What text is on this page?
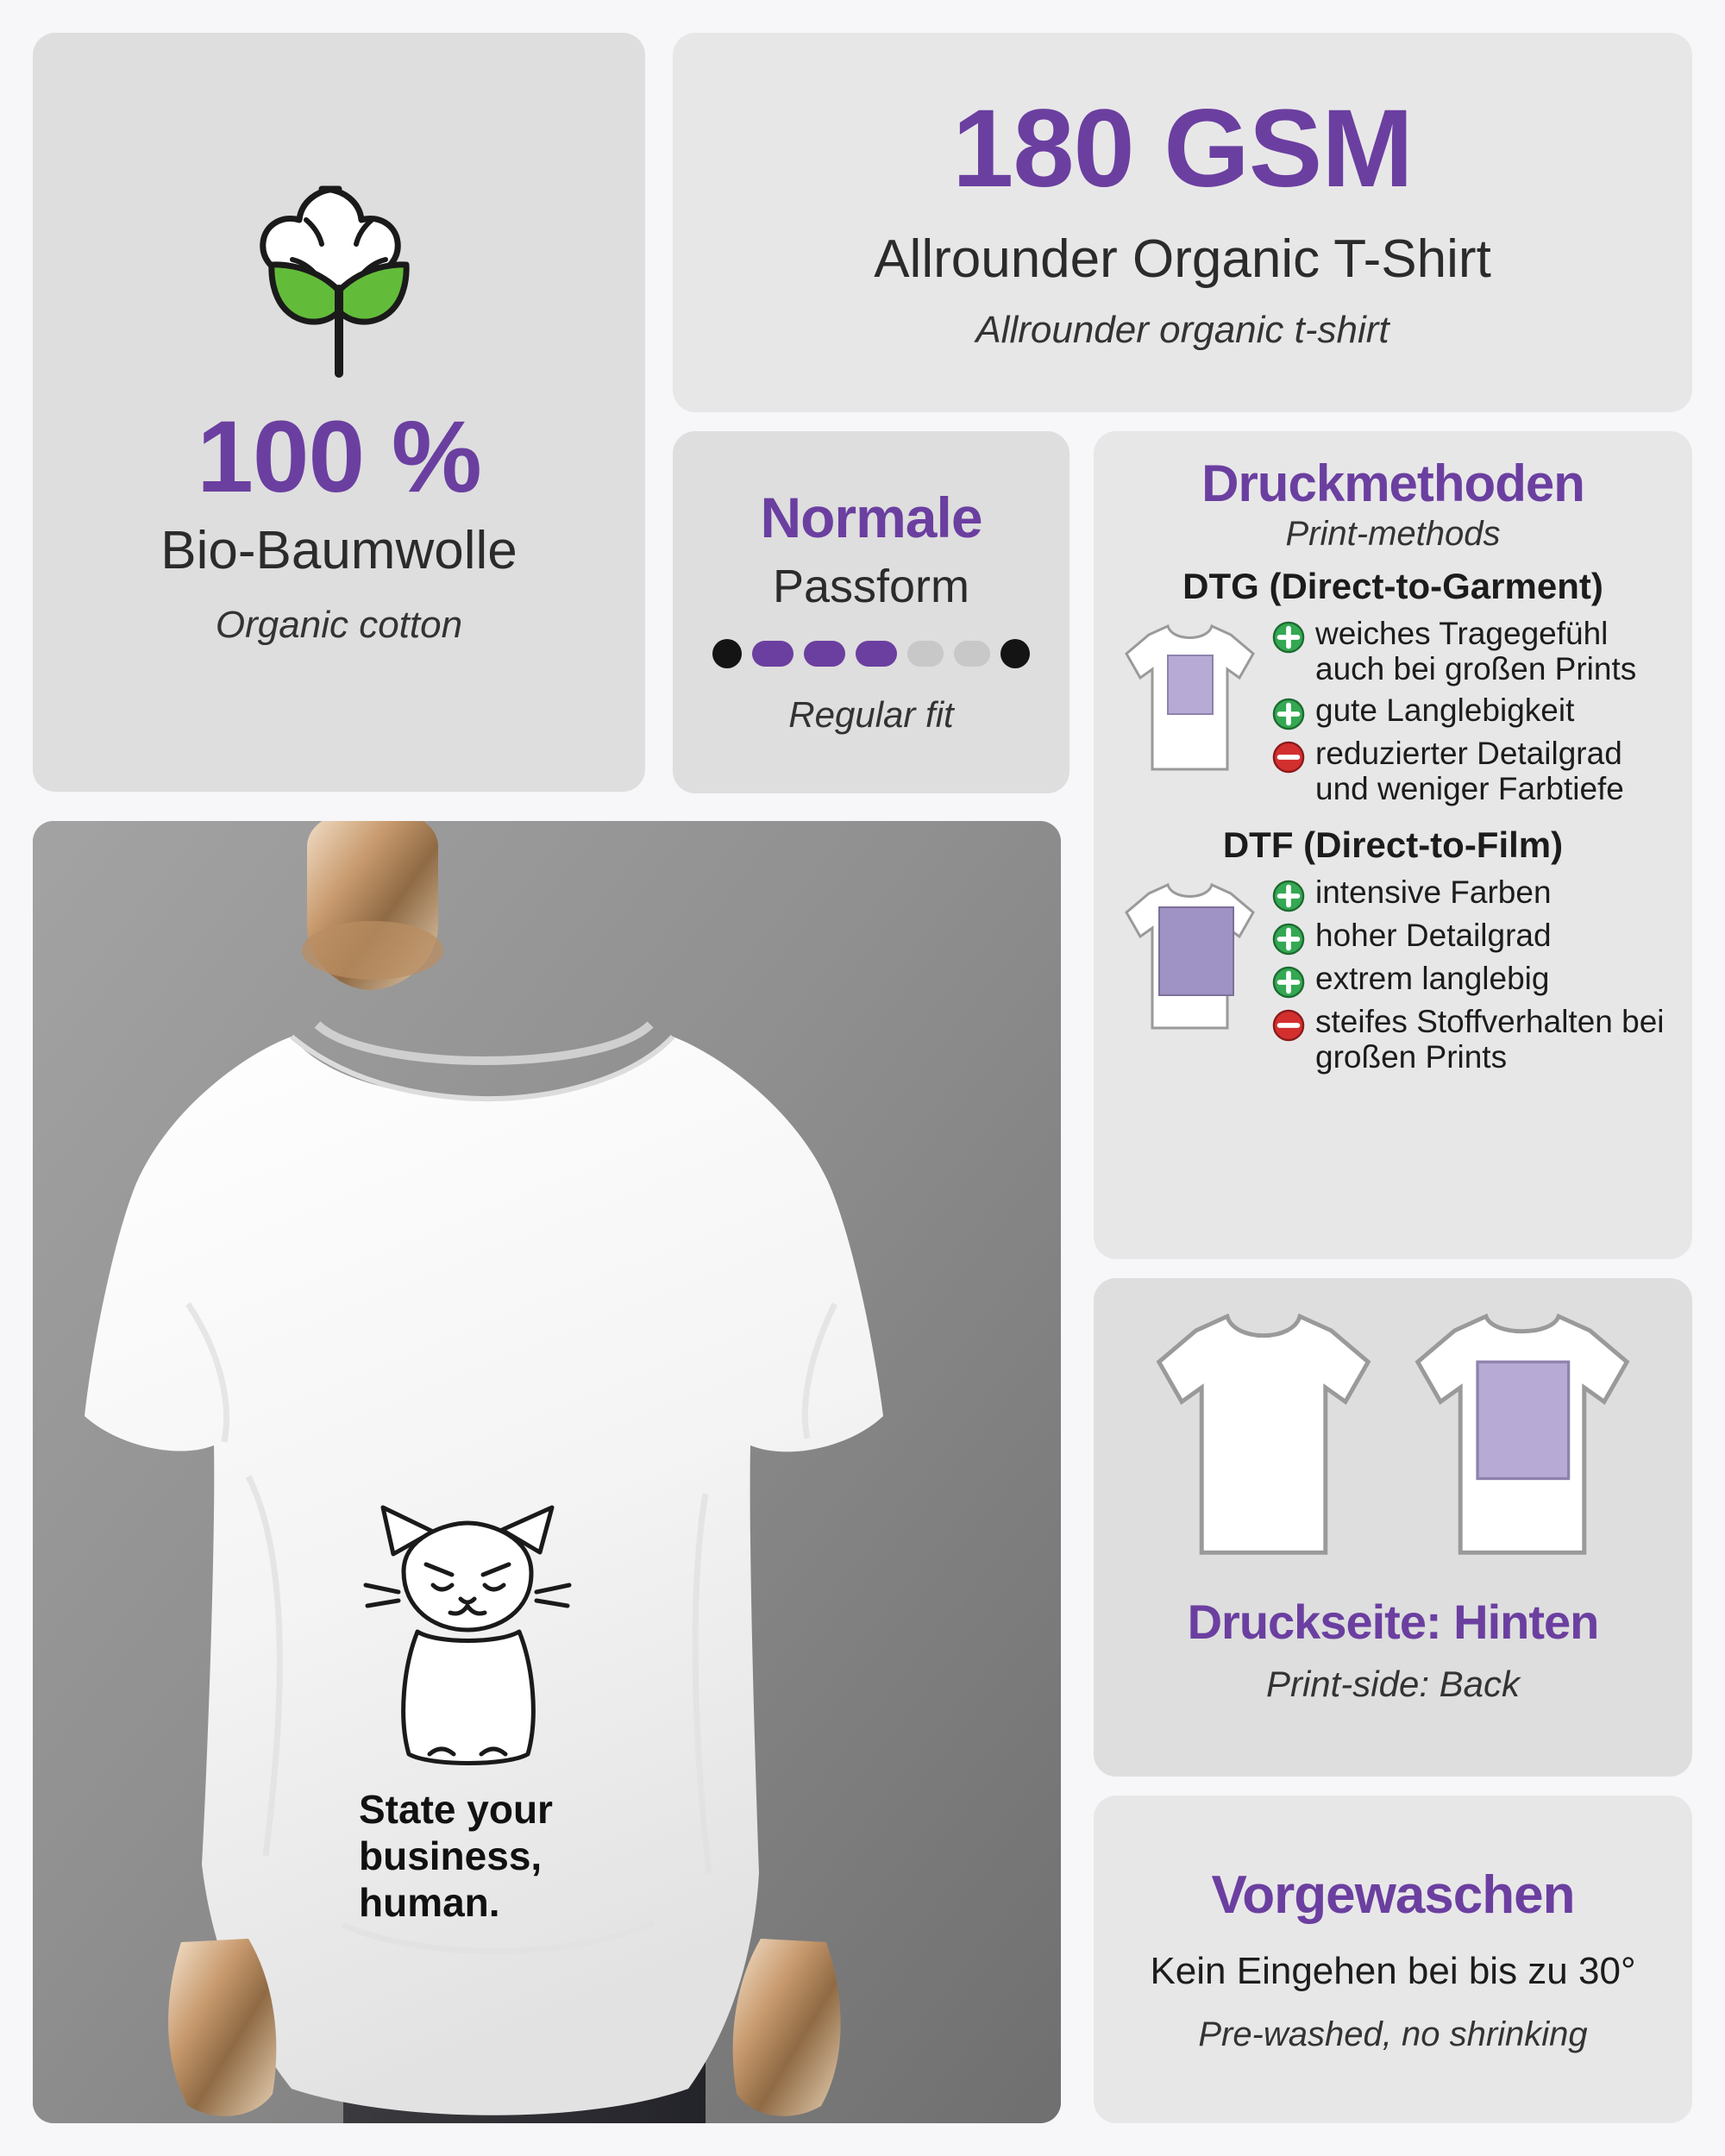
100 %
Bio-Baumwolle
Organic cotton
180 GSM
Allrounder Organic T-Shirt
Allrounder organic t-shirt
Normale
Passform
Regular fit
Druckmethoden
Print-methods
DTG (Direct-to-Garment)
weiches Tragegefühl auch bei großen Prints
gute Langlebigkeit
reduzierter Detailgrad und weniger Farbtiefe
DTF (Direct-to-Film)
intensive Farben
hoher Detailgrad
extrem langlebig
steifes Stoffverhalten bei großen Prints
Druckseite: Hinten
Print-side: Back
Vorgewaschen
Kein Eingehen bei bis zu 30°
Pre-washed, no shrinking
State your
business,
human.
